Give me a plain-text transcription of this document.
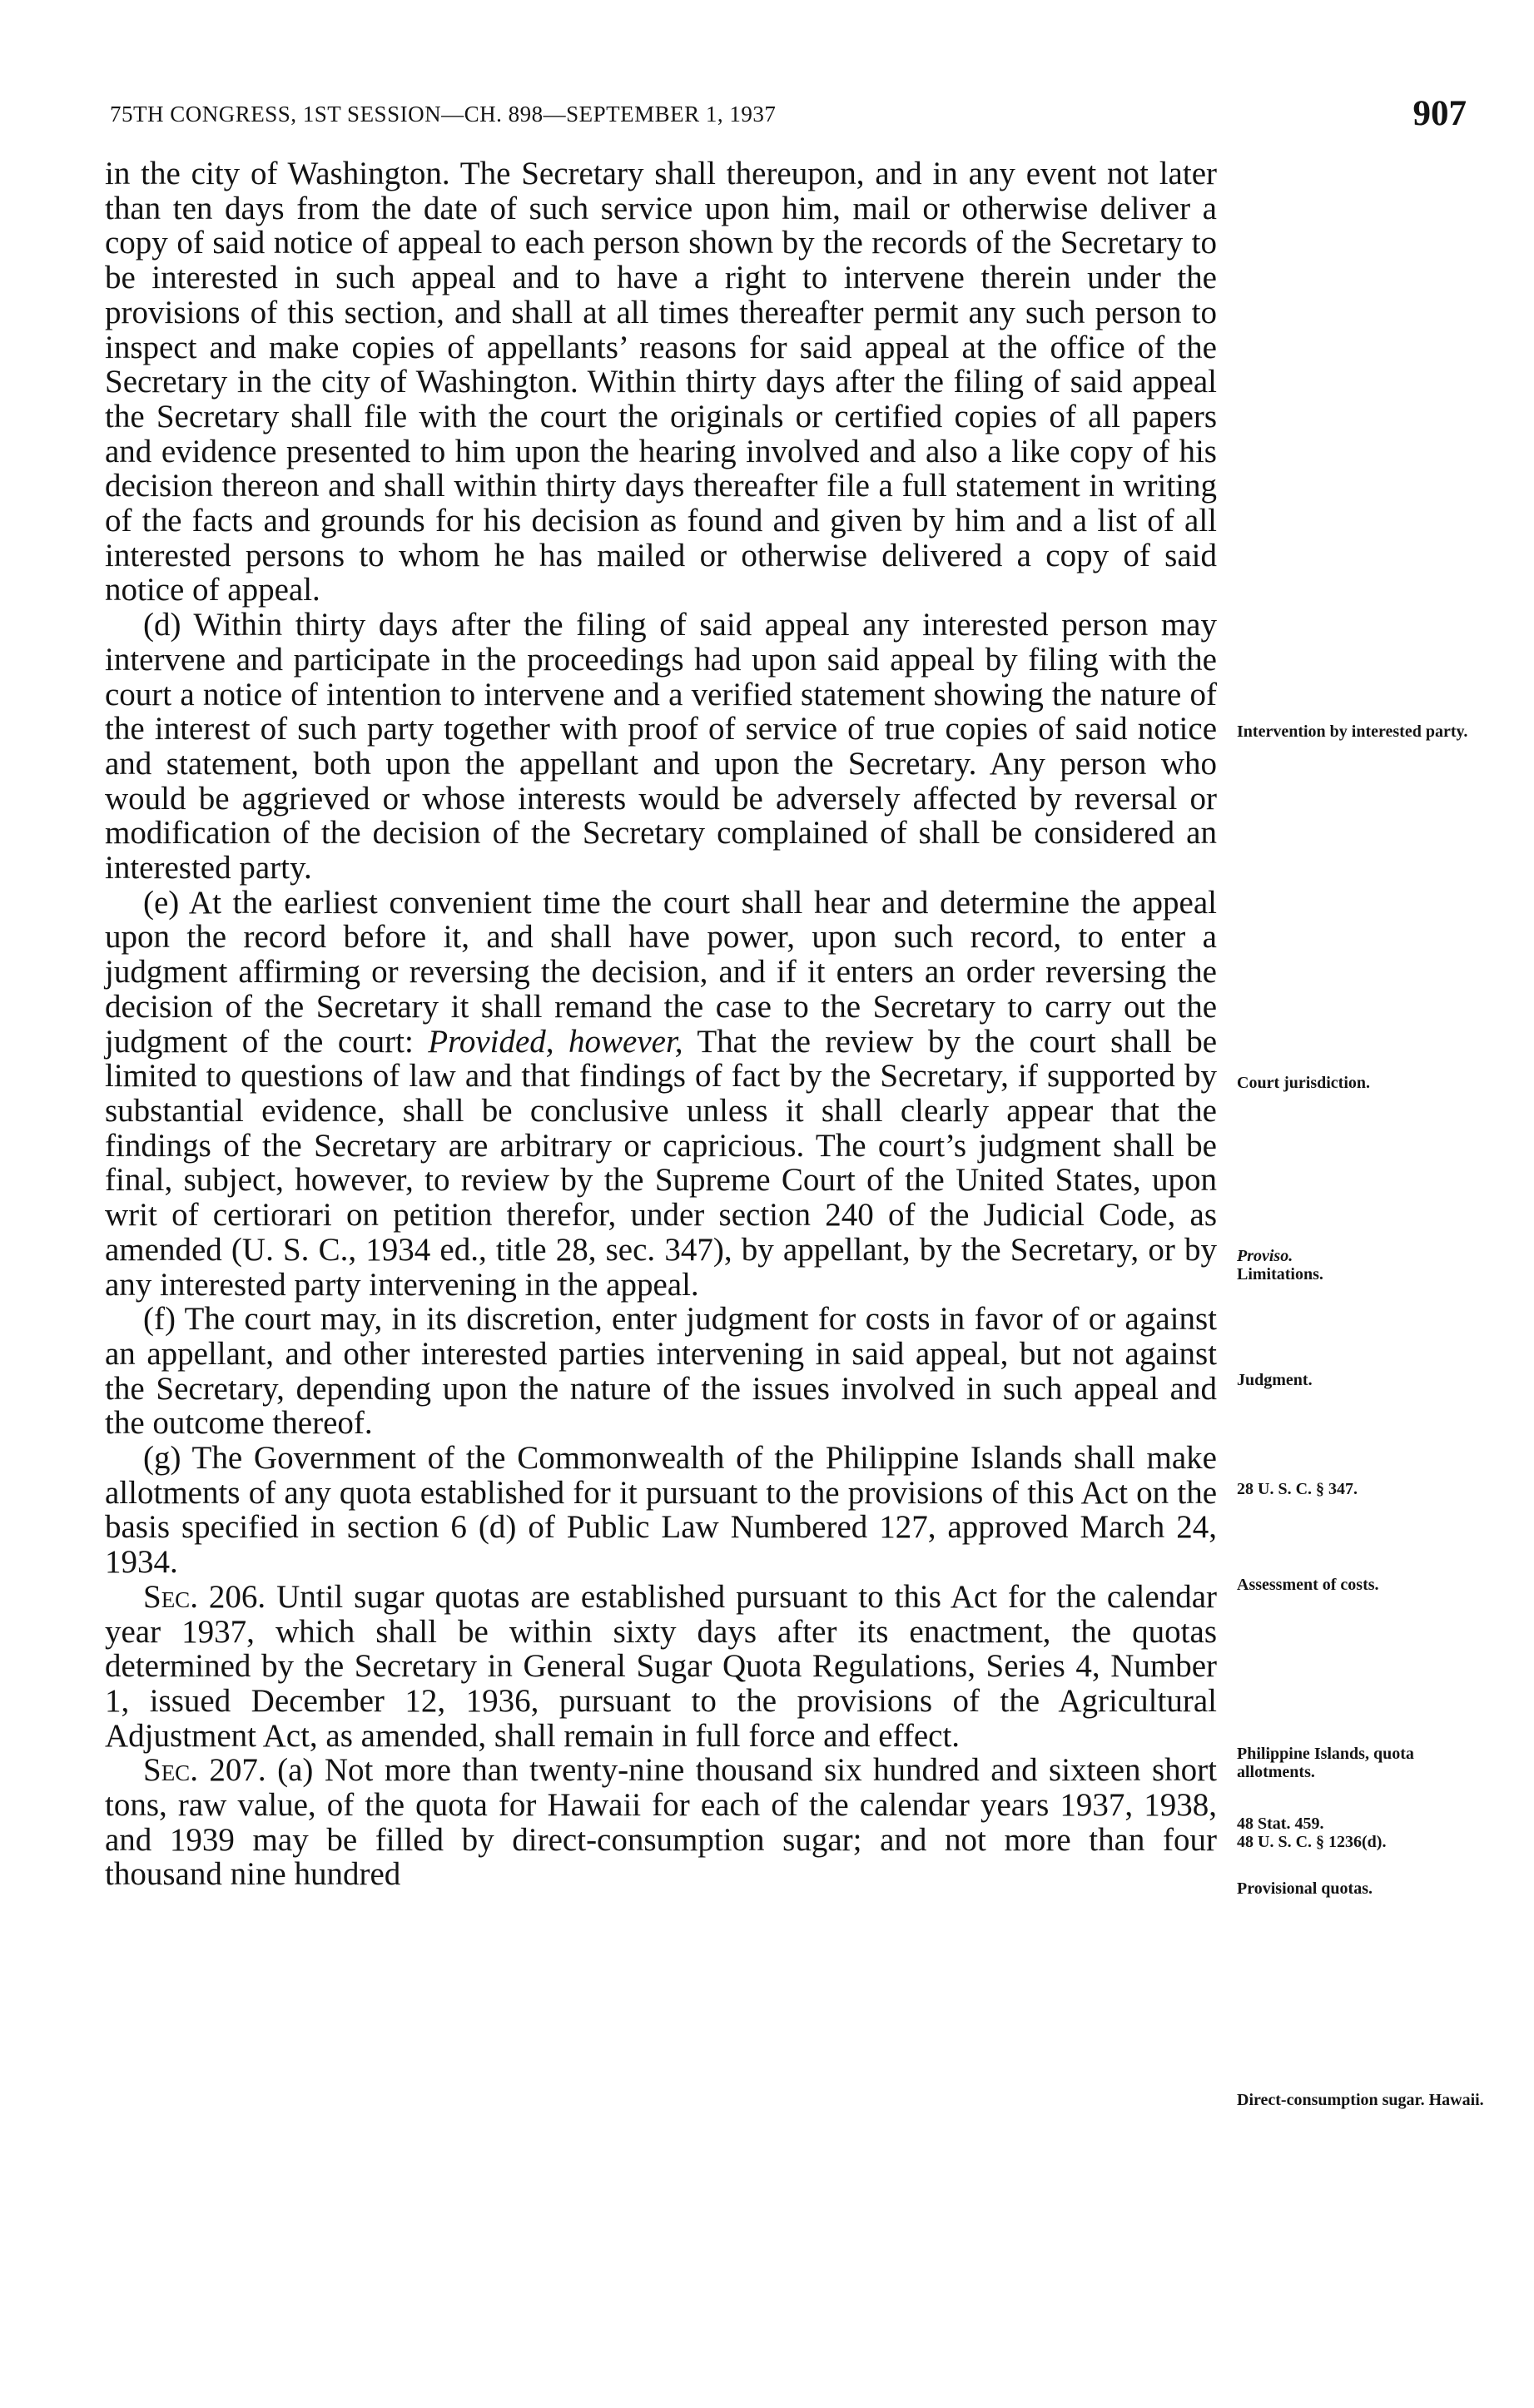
75TH CONGRESS, 1ST SESSION—CH. 898—SEPTEMBER 1, 1937	907

in the city of Washington. The Secretary shall thereupon, and in any event not later than ten days from the date of such service upon him, mail or otherwise deliver a copy of said notice of appeal to each person shown by the records of the Secretary to be interested in such appeal and to have a right to intervene therein under the provisions of this section, and shall at all times thereafter permit any such person to inspect and make copies of appellants’ reasons for said appeal at the office of the Secretary in the city of Washington. Within thirty days after the filing of said appeal the Secretary shall file with the court the originals or certified copies of all papers and evidence presented to him upon the hearing involved and also a like copy of his decision thereon and shall within thirty days thereafter file a full statement in writing of the facts and grounds for his decision as found and given by him and a list of all interested persons to whom he has mailed or otherwise delivered a copy of said notice of appeal.

(d) Within thirty days after the filing of said appeal any interested person may intervene and participate in the proceedings had upon said appeal by filing with the court a notice of intention to intervene and a verified statement showing the nature of the interest of such party together with proof of service of true copies of said notice and statement, both upon the appellant and upon the Secretary. Any person who would be aggrieved or whose interests would be adversely affected by reversal or modification of the decision of the Secretary complained of shall be considered an interested party.

(e) At the earliest convenient time the court shall hear and determine the appeal upon the record before it, and shall have power, upon such record, to enter a judgment affirming or reversing the decision, and if it enters an order reversing the decision of the Secretary it shall remand the case to the Secretary to carry out the judgment of the court: Provided, however, That the review by the court shall be limited to questions of law and that findings of fact by the Secretary, if supported by substantial evidence, shall be conclusive unless it shall clearly appear that the findings of the Secretary are arbitrary or capricious. The court’s judgment shall be final, subject, however, to review by the Supreme Court of the United States, upon writ of certiorari on petition therefor, under section 240 of the Judicial Code, as amended (U. S. C., 1934 ed., title 28, sec. 347), by appellant, by the Secretary, or by any interested party intervening in the appeal.

(f) The court may, in its discretion, enter judgment for costs in favor of or against an appellant, and other interested parties intervening in said appeal, but not against the Secretary, depending upon the nature of the issues involved in such appeal and the outcome thereof.

(g) The Government of the Commonwealth of the Philippine Islands shall make allotments of any quota established for it pursuant to the provisions of this Act on the basis specified in section 6 (d) of Public Law Numbered 127, approved March 24, 1934.

Sec. 206. Until sugar quotas are established pursuant to this Act for the calendar year 1937, which shall be within sixty days after its enactment, the quotas determined by the Secretary in General Sugar Quota Regulations, Series 4, Number 1, issued December 12, 1936, pursuant to the provisions of the Agricultural Adjustment Act, as amended, shall remain in full force and effect.

Sec. 207. (a) Not more than twenty-nine thousand six hundred and sixteen short tons, raw value, of the quota for Hawaii for each of the calendar years 1937, 1938, and 1939 may be filled by direct-consumption sugar; and not more than four thousand nine hundred

Intervention by interested party.
Court jurisdiction.
Proviso.
Limitations.
Judgment.
28 U. S. C. § 347.
Assessment of costs.
Philippine Islands, quota allotments.
48 Stat. 459.
48 U. S. C. § 1236(d).
Provisional quotas.
Direct-consumption sugar. Hawaii.
